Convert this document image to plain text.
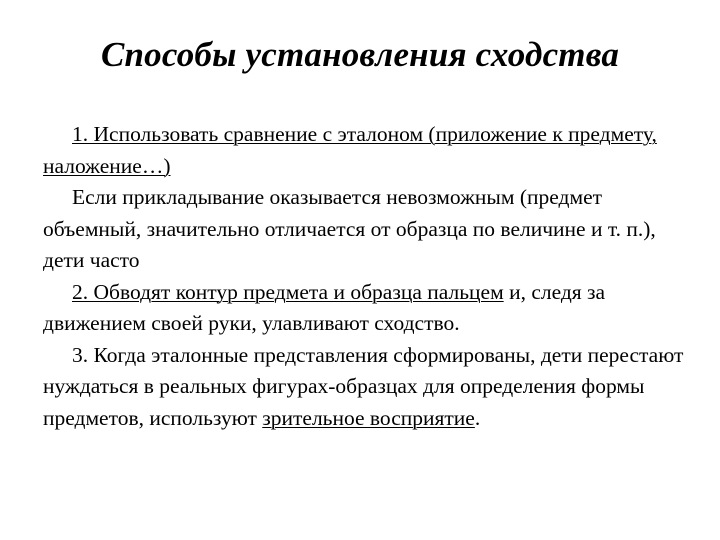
Способы установления сходства

1. Использовать сравнение с эталоном (приложение к предмету, наложение…)

Если прикладывание оказывается невозможным (предмет объемный, значительно отличается от образца по величине и т. п.), дети часто

2. Обводят контур предмета и образца пальцем и, следя за движением своей руки, улавливают сходство.

3. Когда эталонные представления сформированы, дети перестают нуждаться в реальных фигурах-образцах для определения формы предметов, используют зрительное восприятие.
